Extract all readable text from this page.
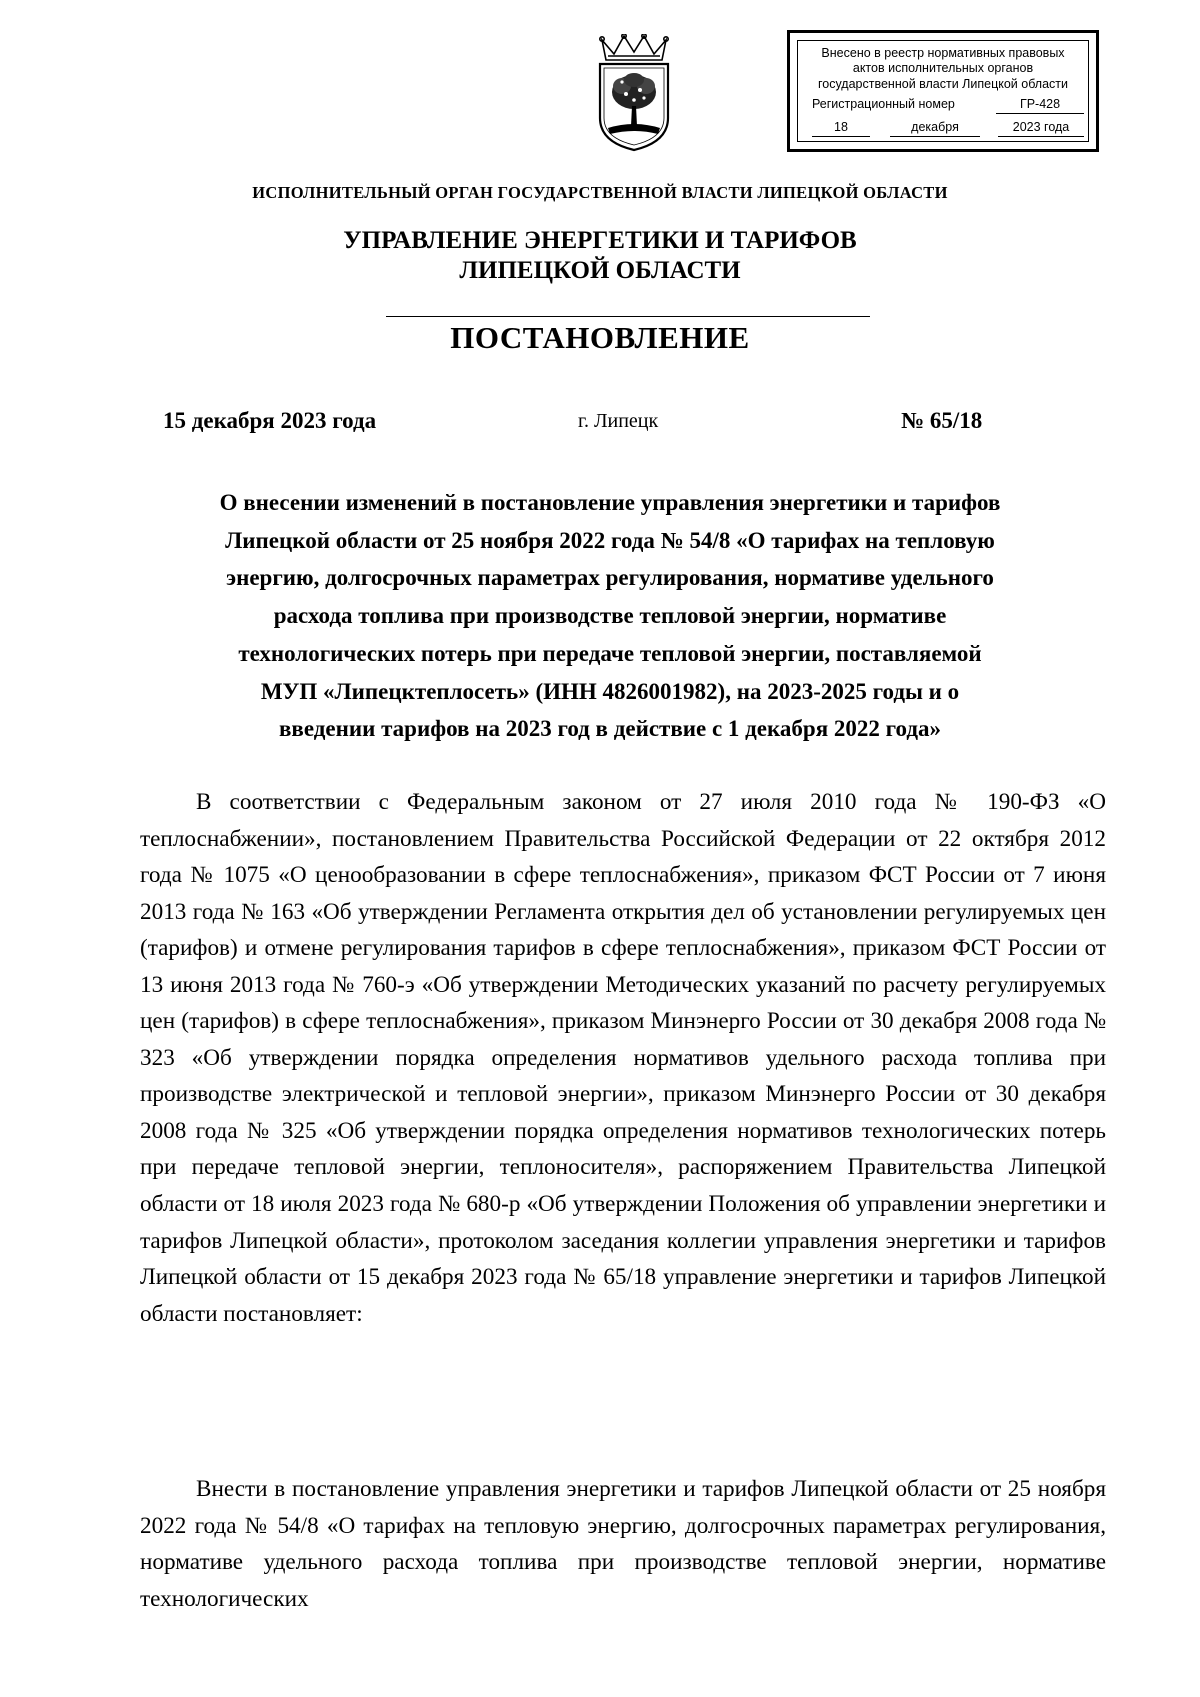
Внесено в реестр нормативных правовых
актов исполнительных органов
государственной власти Липецкой области
Регистрационный номер	ГР-428
18	декабря	2023 года
ИСПОЛНИТЕЛЬНЫЙ ОРГАН ГОСУДАРСТВЕННОЙ ВЛАСТИ ЛИПЕЦКОЙ ОБЛАСТИ
УПРАВЛЕНИЕ ЭНЕРГЕТИКИ И ТАРИФОВ
ЛИПЕЦКОЙ ОБЛАСТИ
ПОСТАНОВЛЕНИЕ
15 декабря 2023 года	г. Липецк	№ 65/18
О внесении изменений в постановление управления энергетики и тарифов
Липецкой области от 25 ноября 2022 года № 54/8 «О тарифах на тепловую
энергию, долгосрочных параметрах регулирования, нормативе удельного
расхода топлива при производстве тепловой энергии, нормативе
технологических потерь при передаче тепловой энергии, поставляемой
МУП «Липецктеплосеть» (ИНН 4826001982), на 2023-2025 годы и о
введении тарифов на 2023 год в действие с 1 декабря 2022 года»

В соответствии с Федеральным законом от 27 июля 2010 года № 190-ФЗ «О теплоснабжении», постановлением Правительства Российской Федерации от 22 октября 2012 года № 1075 «О ценообразовании в сфере теплоснабжения», приказом ФСТ России от 7 июня 2013 года № 163 «Об утверждении Регламента открытия дел об установлении регулируемых цен (тарифов) и отмене регулирования тарифов в сфере теплоснабжения», приказом ФСТ России от 13 июня 2013 года № 760-э «Об утверждении Методических указаний по расчету регулируемых цен (тарифов) в сфере теплоснабжения», приказом Минэнерго России от 30 декабря 2008 года № 323 «Об утверждении порядка определения нормативов удельного расхода топлива при производстве электрической и тепловой энергии», приказом Минэнерго России от 30 декабря 2008 года № 325 «Об утверждении порядка определения нормативов технологических потерь при передаче тепловой энергии, теплоносителя», распоряжением Правительства Липецкой области от 18 июля 2023 года № 680-р «Об утверждении Положения об управлении энергетики и тарифов Липецкой области», протоколом заседания коллегии управления энергетики и тарифов Липецкой области от 15 декабря 2023 года № 65/18 управление энергетики и тарифов Липецкой области постановляет:

Внести в постановление управления энергетики и тарифов Липецкой области от 25 ноября 2022 года № 54/8 «О тарифах на тепловую энергию, долгосрочных параметрах регулирования, нормативе удельного расхода топлива при производстве тепловой энергии, нормативе технологических
